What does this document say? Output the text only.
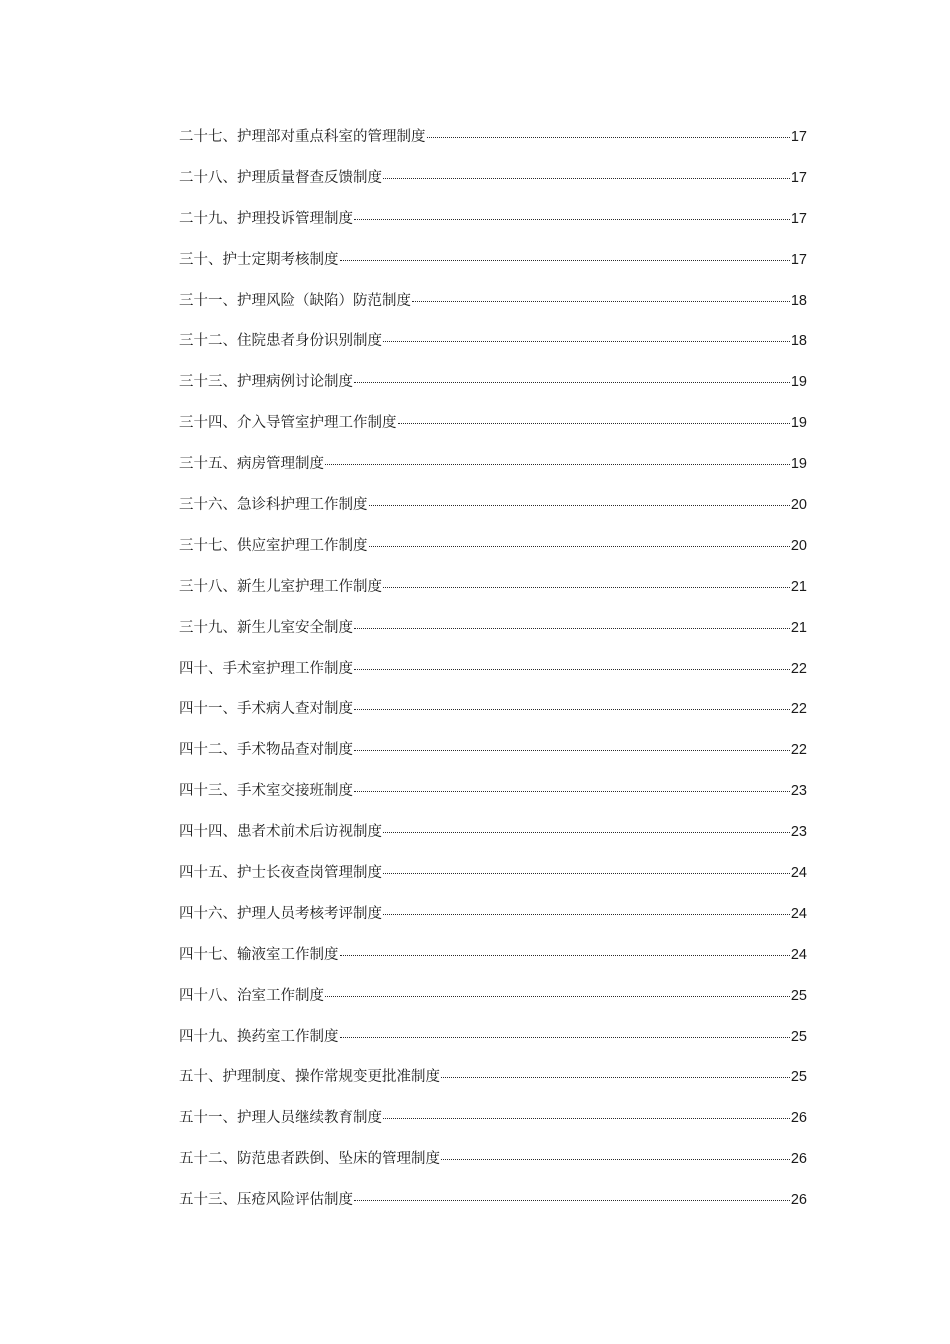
二十七、护理部对重点科室的管理制度	17
二十八、护理质量督查反馈制度	17
二十九、护理投诉管理制度	17
三十、护士定期考核制度	17
三十一、护理风险（缺陷）防范制度	18
三十二、住院患者身份识别制度	18
三十三、护理病例讨论制度	19
三十四、介入导管室护理工作制度	19
三十五、病房管理制度	19
三十六、急诊科护理工作制度	20
三十七、供应室护理工作制度	20
三十八、新生儿室护理工作制度	21
三十九、新生儿室安全制度	21
四十、手术室护理工作制度	22
四十一、手术病人查对制度	22
四十二、手术物品查对制度	22
四十三、手术室交接班制度	23
四十四、患者术前术后访视制度	23
四十五、护士长夜查岗管理制度	24
四十六、护理人员考核考评制度	24
四十七、输液室工作制度	24
四十八、治室工作制度	25
四十九、换药室工作制度	25
五十、护理制度、操作常规变更批准制度	25
五十一、护理人员继续教育制度	26
五十二、防范患者跌倒、坠床的管理制度	26
五十三、压疮风险评估制度	26
